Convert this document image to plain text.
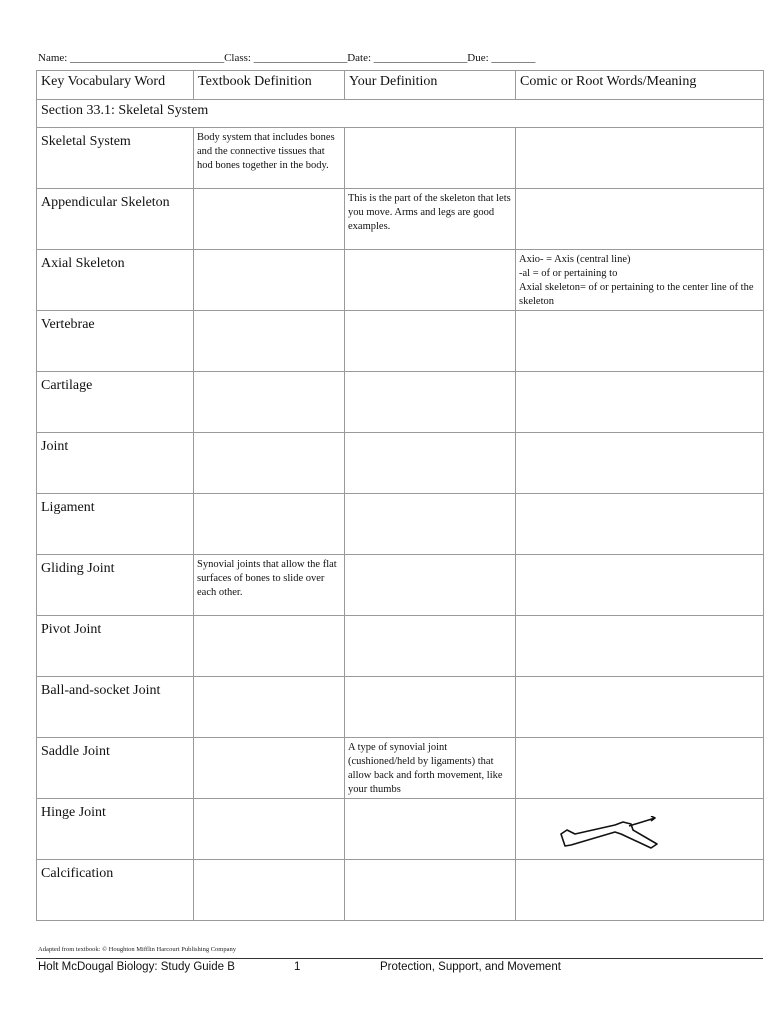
Name: ____________________________Class: _________________Date: _________________Due: ________
Key Vocabulary Word	Textbook Definition	Your Definition	Comic or Root Words/Meaning
Section 33.1: Skeletal System			
Skeletal System	Body system that includes bones and the connective tissues that hod bones together in the body.		
Appendicular Skeleton		This is the part of the skeleton that lets you move. Arms and legs are good examples.	
Axial Skeleton			Axio- = Axis (central line)
-al = of or pertaining to
Axial skeleton= of or pertaining to the center line of the skeleton
Vertebrae			
Cartilage			
Joint			
Ligament			
Gliding Joint	Synovial joints that allow the flat surfaces of bones to slide over each other.		
Pivot Joint			
Ball-and-socket Joint			
Saddle Joint		A type of synovial joint (cushioned/held by ligaments) that allow back and forth movement, like your thumbs	
Hinge Joint			

Calcification			
Adapted from textbook: © Houghton Mifflin Harcourt Publishing Company
Holt McDougal Biology: Study Guide B	1	Protection, Support, and Movement
